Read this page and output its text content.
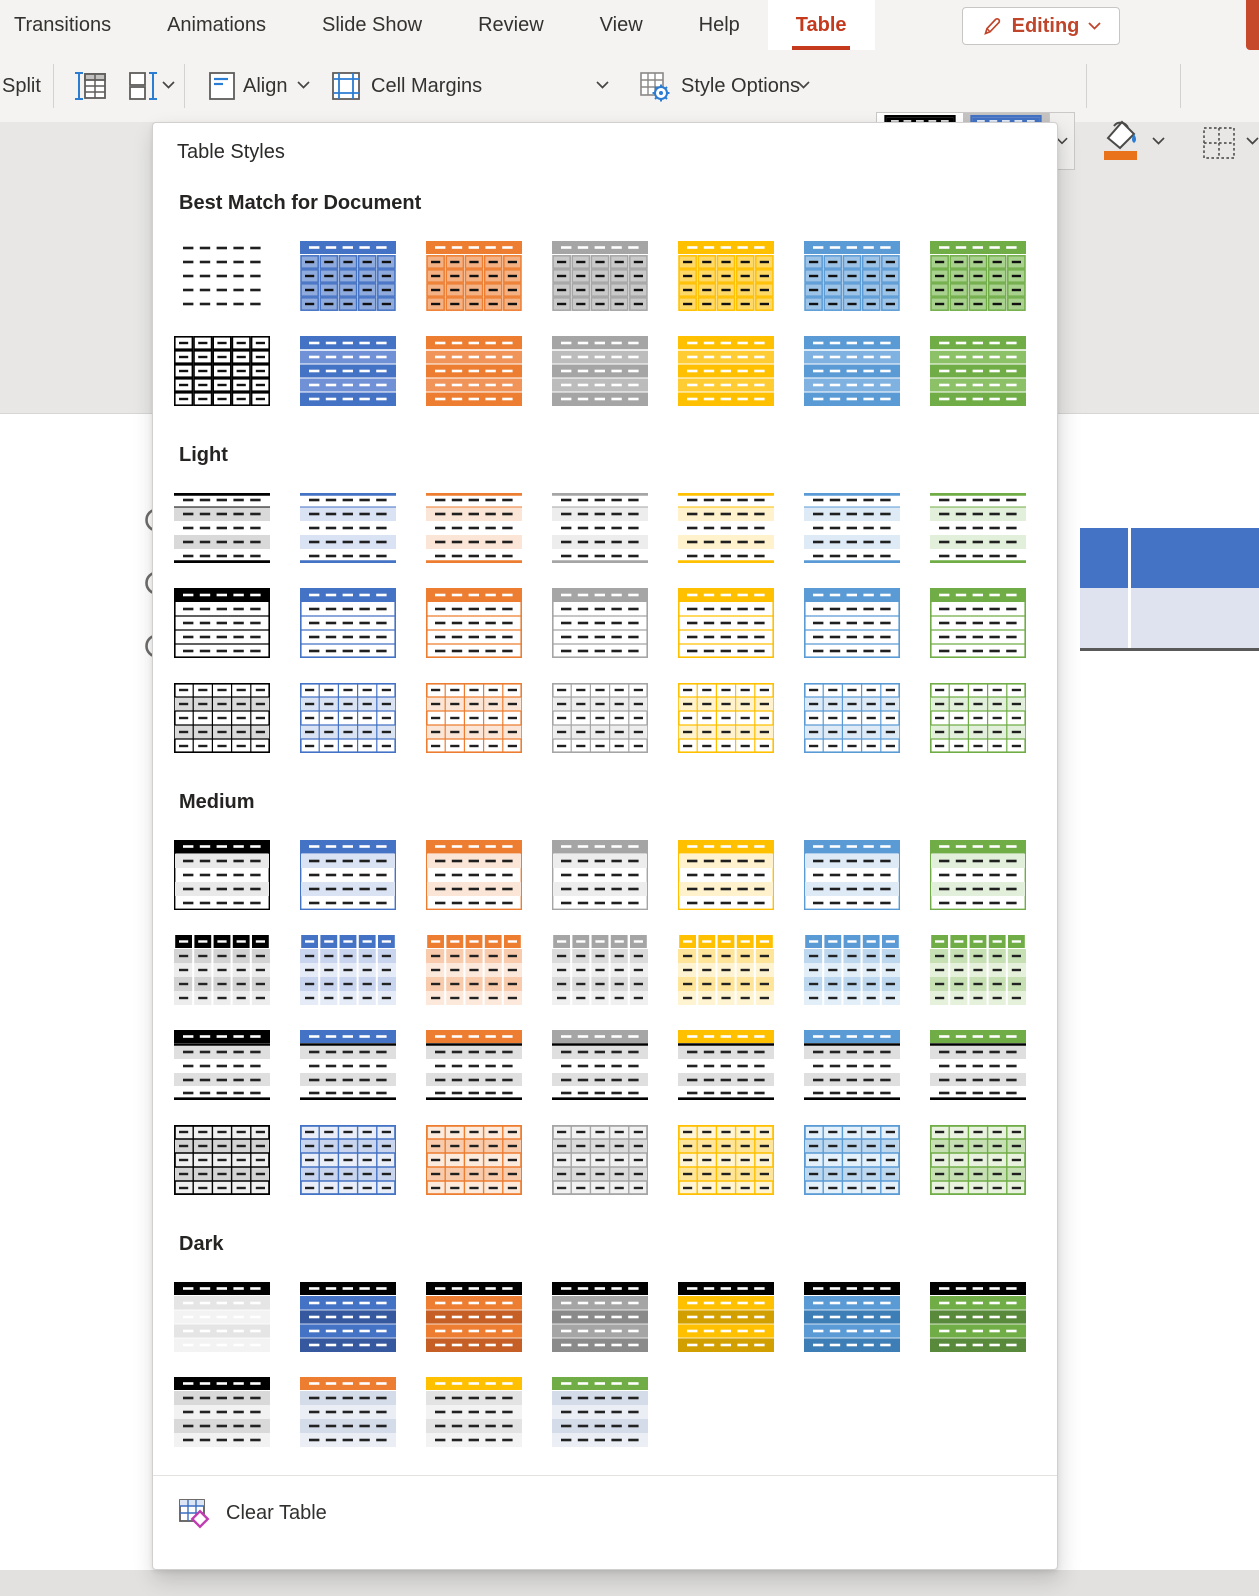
Transitions	Animations	Slide Show	Review	View	Help	Table	Editing
Split	Align	Cell Margins	Style Options
Table Styles
Best Match for Document
Light
Medium
Dark
Clear Table
